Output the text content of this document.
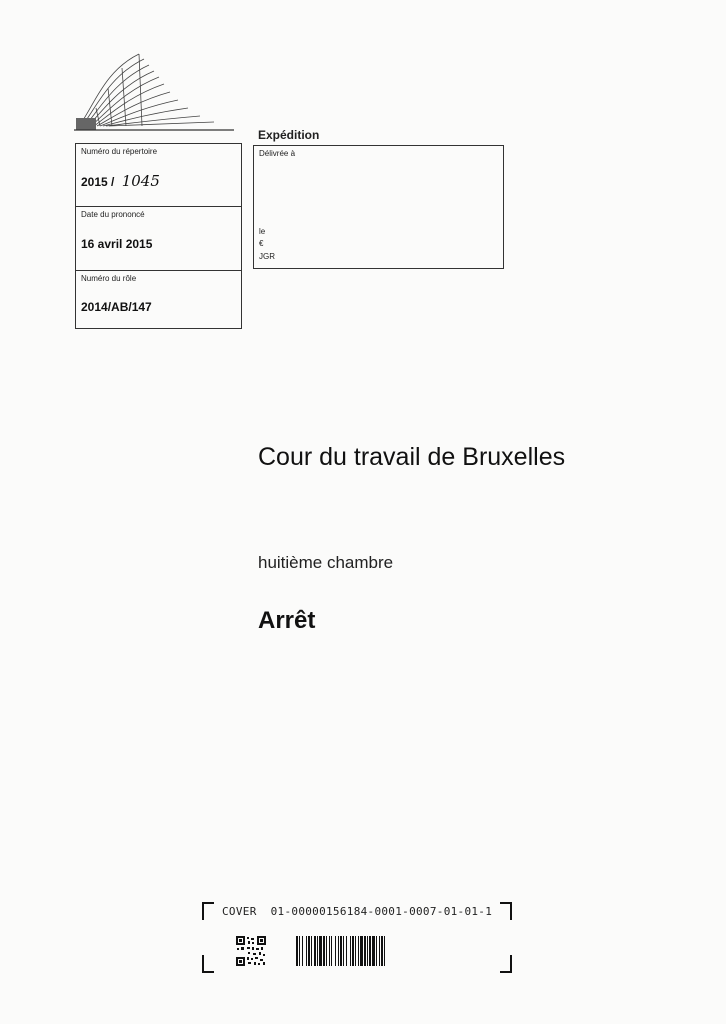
Numéro du répertoire
2015 / 1045
Date du prononcé
16 avril 2015
Numéro du rôle
2014/AB/147
Expédition
Délivrée à
le
€
JGR
Cour du travail de Bruxelles
huitième chambre
Arrêt
COVER 01-00000156184-0001-0007-01-01-1
